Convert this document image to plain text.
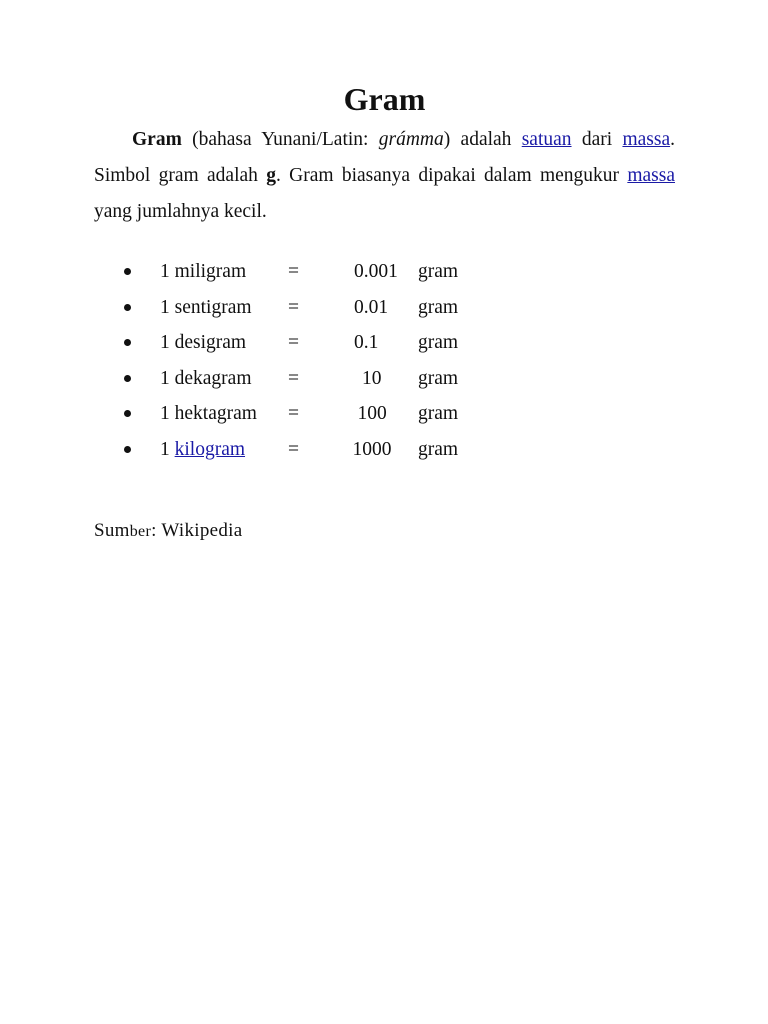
Gram

Gram (bahasa Yunani/Latin: grámma) adalah satuan dari massa. Simbol gram adalah g. Gram biasanya dipakai dalam mengukur massa yang jumlahnya kecil.

1 miligram =	0.001 gram
1 sentigram =	0.01 gram
1 desigram =	0.1 gram
1 dekagram =	10 gram
1 hektagram =	100 gram
1 kilogram =	1000 gram
Sumber: Wikipedia
